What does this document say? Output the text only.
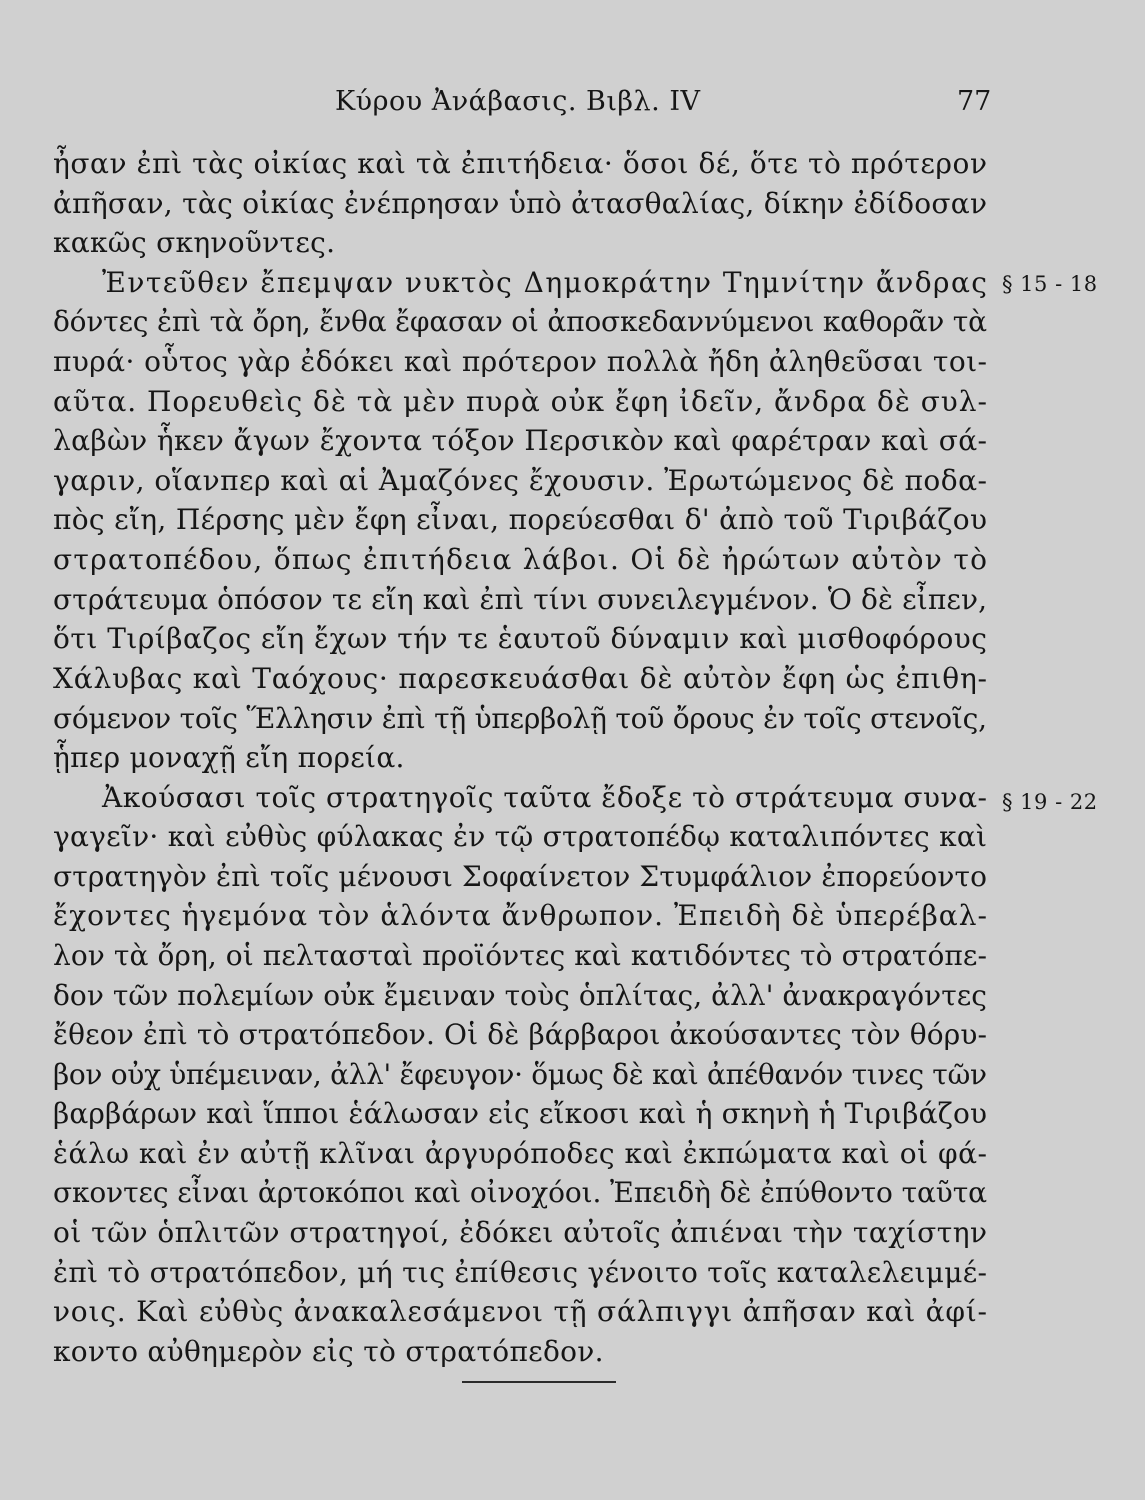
Κύρου Ἀνάβασις. Βιβλ. IV	77
ἦσαν ἐπὶ τὰς οἰκίας καὶ τὰ ἐπιτήδεια· ὅσοι δέ, ὅτε τὸ πρότερον
ἀπῆσαν, τὰς οἰκίας ἐνέπρησαν ὑπὸ ἀτασθαλίας, δίκην ἐδίδοσαν
κακῶς σκηνοῦντες.
Ἐντεῦθεν ἔπεμψαν νυκτὸς Δημοκράτην Τημνίτην ἄνδρας
δόντες ἐπὶ τὰ ὄρη, ἔνθα ἔφασαν οἱ ἀποσκεδαννύμενοι καθορᾶν τὰ
πυρά· οὗτος γὰρ ἐδόκει καὶ πρότερον πολλὰ ἤδη ἀληθεῦσαι τοι-
αῦτα. Πορευθεὶς δὲ τὰ μὲν πυρὰ οὐκ ἔφη ἰδεῖν, ἄνδρα δὲ συλ-
λαβὼν ἧκεν ἄγων ἔχοντα τόξον Περσικὸν καὶ φαρέτραν καὶ σά-
γαριν, οἵανπερ καὶ αἱ Ἀμαζόνες ἔχουσιν. Ἐρωτώμενος δὲ ποδα-
πὸς εἴη, Πέρσης μὲν ἔφη εἶναι, πορεύεσθαι δ' ἀπὸ τοῦ Τιριβάζου
στρατοπέδου, ὅπως ἐπιτήδεια λάβοι. Οἱ δὲ ἠρώτων αὐτὸν τὸ
στράτευμα ὁπόσον τε εἴη καὶ ἐπὶ τίνι συνειλεγμένον. Ὁ δὲ εἶπεν,
ὅτι Τιρίβαζος εἴη ἔχων τήν τε ἑαυτοῦ δύναμιν καὶ μισθοφόρους
Χάλυβας καὶ Ταόχους· παρεσκευάσθαι δὲ αὐτὸν ἔφη ὡς ἐπιθη-
σόμενον τοῖς Ἕλλησιν ἐπὶ τῇ ὑπερβολῇ τοῦ ὄρους ἐν τοῖς στενοῖς,
ᾗπερ μοναχῇ εἴη πορεία.
Ἀκούσασι τοῖς στρατηγοῖς ταῦτα ἔδοξε τὸ στράτευμα συνα-
γαγεῖν· καὶ εὐθὺς φύλακας ἐν τῷ στρατοπέδῳ καταλιπόντες καὶ
στρατηγὸν ἐπὶ τοῖς μένουσι Σοφαίνετον Στυμφάλιον ἐπορεύοντο
ἔχοντες ἡγεμόνα τὸν ἁλόντα ἄνθρωπον. Ἐπειδὴ δὲ ὑπερέβαλ-
λον τὰ ὄρη, οἱ πελτασταὶ προϊόντες καὶ κατιδόντες τὸ στρατόπε-
δον τῶν πολεμίων οὐκ ἔμειναν τοὺς ὁπλίτας, ἀλλ' ἀνακραγόντες
ἔθεον ἐπὶ τὸ στρατόπεδον. Οἱ δὲ βάρβαροι ἀκούσαντες τὸν θόρυ-
βον οὐχ ὑπέμειναν, ἀλλ' ἔφευγον· ὅμως δὲ καὶ ἀπέθανόν τινες τῶν
βαρβάρων καὶ ἵπποι ἑάλωσαν εἰς εἴκοσι καὶ ἡ σκηνὴ ἡ Τιριβάζου
ἑάλω καὶ ἐν αὐτῇ κλῖναι ἀργυρόποδες καὶ ἐκπώματα καὶ οἱ φά-
σκοντες εἶναι ἀρτοκόποι καὶ οἰνοχόοι. Ἐπειδὴ δὲ ἐπύθοντο ταῦτα
οἱ τῶν ὁπλιτῶν στρατηγοί, ἐδόκει αὐτοῖς ἀπιέναι τὴν ταχίστην
ἐπὶ τὸ στρατόπεδον, μή τις ἐπίθεσις γένοιτο τοῖς καταλελειμμέ-
νοις. Καὶ εὐθὺς ἀνακαλεσάμενοι τῇ σάλπιγγι ἀπῆσαν καὶ ἀφί-
κοντο αὐθημερὸν εἰς τὸ στρατόπεδον.
§ 15 - 18
§ 19 - 22
